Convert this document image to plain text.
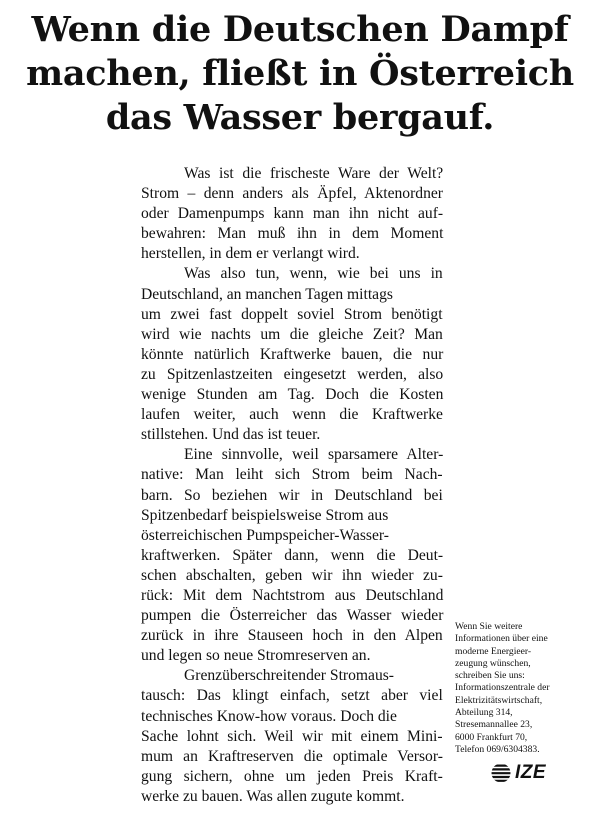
Wenn die Deutschen Dampf
machen, fließt in Österreich
das Wasser bergauf.
Was ist die frischeste Ware der Welt?
Strom – denn anders als Äpfel, Aktenordner
oder Damenpumps kann man ihn nicht auf-
bewahren: Man muß ihn in dem Moment
herstellen, in dem er verlangt wird.
Was also tun, wenn, wie bei uns in
Deutschland, an manchen Tagen mittags
um zwei fast doppelt soviel Strom benötigt
wird wie nachts um die gleiche Zeit? Man
könnte natürlich Kraftwerke bauen, die nur
zu Spitzenlastzeiten eingesetzt werden, also
wenige Stunden am Tag. Doch die Kosten
laufen weiter, auch wenn die Kraftwerke
stillstehen. Und das ist teuer.
Eine sinnvolle, weil sparsamere Alter-
native: Man leiht sich Strom beim Nach-
barn. So beziehen wir in Deutschland bei
Spitzenbedarf beispielsweise Strom aus
österreichischen Pumpspeicher-Wasser-
kraftwerken. Später dann, wenn die Deut-
schen abschalten, geben wir ihn wieder zu-
rück: Mit dem Nachtstrom aus Deutschland
pumpen die Österreicher das Wasser wieder
zurück in ihre Stauseen hoch in den Alpen
und legen so neue Stromreserven an.
Grenzüberschreitender Stromaus-
tausch: Das klingt einfach, setzt aber viel
technisches Know-how voraus. Doch die
Sache lohnt sich. Weil wir mit einem Mini-
mum an Kraftreserven die optimale Versor-
gung sichern, ohne um jeden Preis Kraft-
werke zu bauen. Was allen zugute kommt.
Wenn Sie weitere
Informationen über eine
moderne Energieer-
zeugung wünschen,
schreiben Sie uns:
Informationszentrale der
Elektrizitätswirtschaft,
Abteilung 314,
Stresemannallee 23,
6000 Frankfurt 70,
Telefon 069/6304383.
IZE
